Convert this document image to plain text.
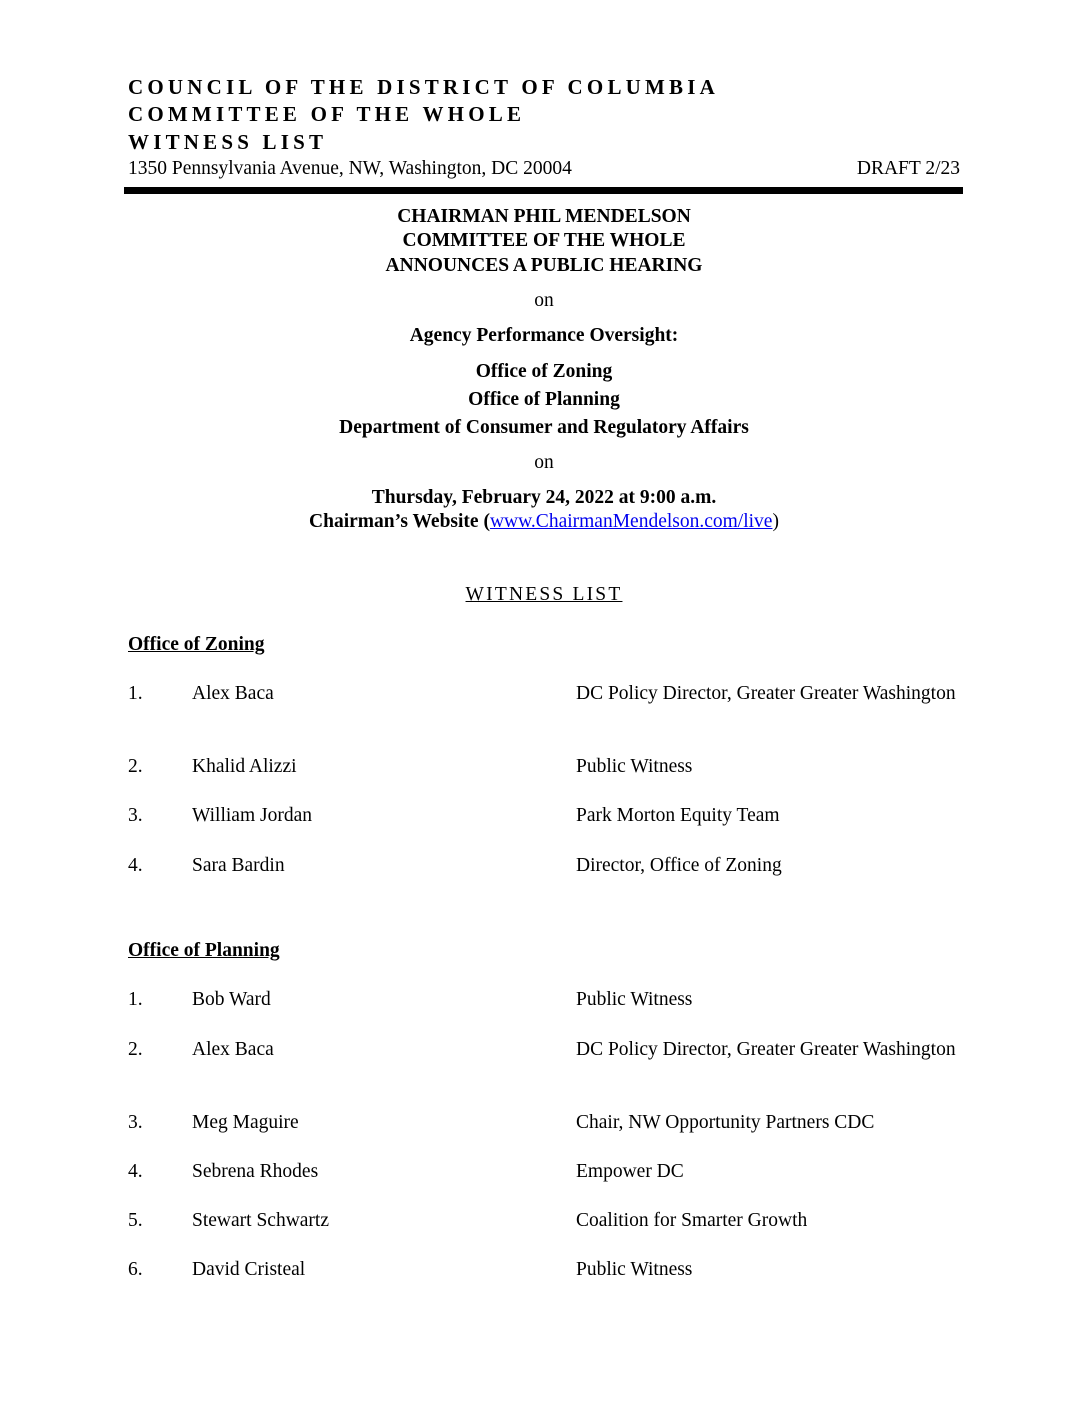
COUNCIL OF THE DISTRICT OF COLUMBIA
COMMITTEE OF THE WHOLE
WITNESS LIST
1350 Pennsylvania Avenue, NW, Washington, DC 20004	DRAFT 2/23
CHAIRMAN PHIL MENDELSON
COMMITTEE OF THE WHOLE
ANNOUNCES A PUBLIC HEARING
on
Agency Performance Oversight:
Office of Zoning
Office of Planning
Department of Consumer and Regulatory Affairs
on
Thursday, February 24, 2022 at 9:00 a.m.
Chairman’s Website (www.ChairmanMendelson.com/live)
WITNESS LIST
Office of Zoning
1.	Alex Baca	DC Policy Director, Greater Greater Washington
2.	Khalid Alizzi	Public Witness
3.	William Jordan	Park Morton Equity Team
4.	Sara Bardin	Director, Office of Zoning
Office of Planning
1.	Bob Ward	Public Witness
2.	Alex Baca	DC Policy Director, Greater Greater Washington
3.	Meg Maguire	Chair, NW Opportunity Partners CDC
4.	Sebrena Rhodes	Empower DC
5.	Stewart Schwartz	Coalition for Smarter Growth
6.	David Cristeal	Public Witness
